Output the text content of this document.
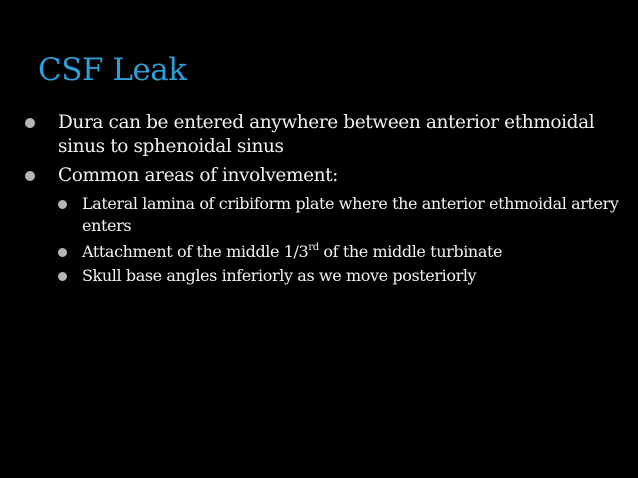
CSF Leak
Dura can be entered anywhere between anterior ethmoidal sinus to sphenoidal sinus
Common areas of involvement:
Lateral lamina of cribiform plate where the anterior ethmoidal artery enters
Attachment of the middle 1/3rd of the middle turbinate
Skull base angles inferiorly as we move posteriorly
